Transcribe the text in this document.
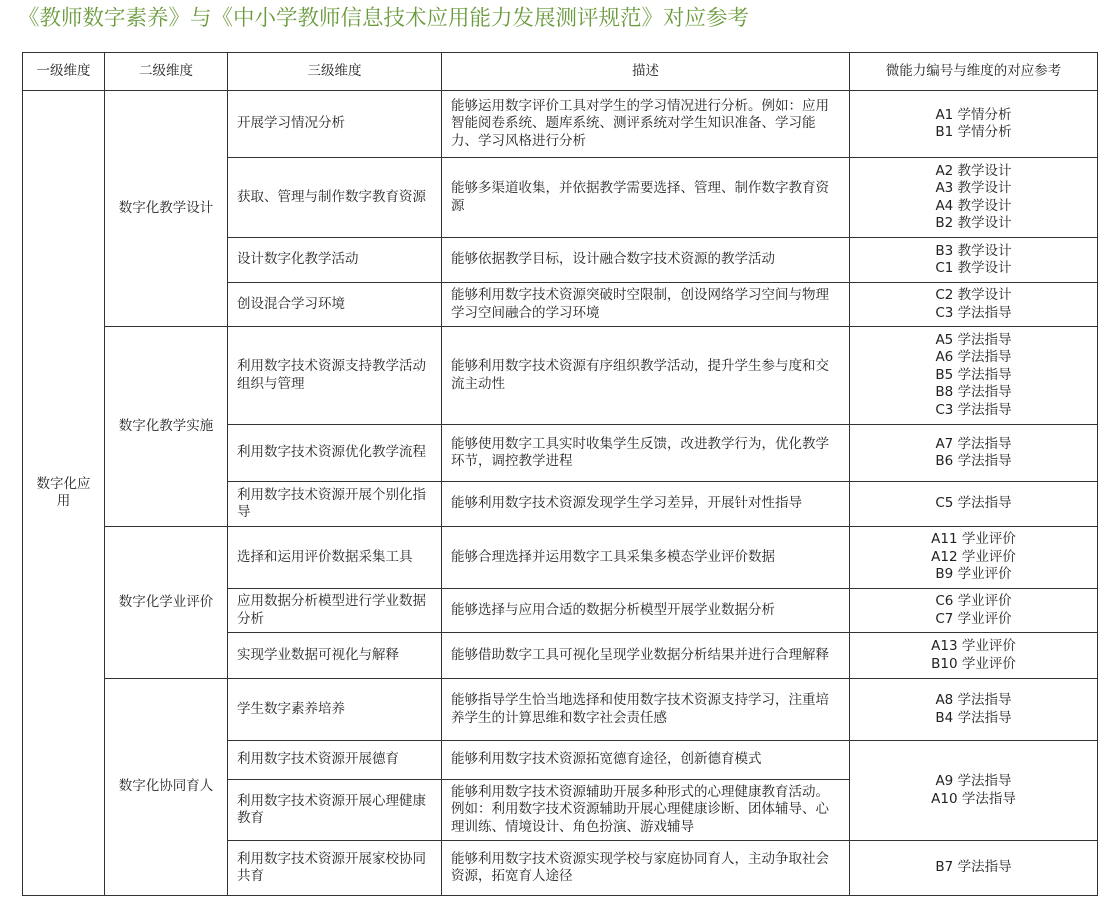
《教师数字素养》与《中小学教师信息技术应用能力发展测评规范》对应参考
一级维度	二级维度	三级维度	描述	微能力编号与维度的对应参考
数字化应用	数字化教学设计	开展学习情况分析	能够运用数字评价工具对学生的学习情况进行分析。例如：应用智能阅卷系统、题库系统、测评系统对学生知识准备、学习能力、学习风格进行分析	A1 学情分析
B1 学情分析

		获取、管理与制作数字教育资源	能够多渠道收集，并依据教学需要选择、管理、制作数字教育资源	A2 教学设计
A3 教学设计
A4 教学设计
B2 教学设计

		设计数字化教学活动	能够依据教学目标，设计融合数字技术资源的教学活动	B3 教学设计
C1 教学设计

		创设混合学习环境	能够利用数字技术资源突破时空限制，创设网络学习空间与物理学习空间融合的学习环境	C2 教学设计
C3 学法指导

	数字化教学实施	利用数字技术资源支持教学活动组织与管理	能够利用数字技术资源有序组织教学活动，提升学生参与度和交流主动性	A5 学法指导
A6 学法指导
B5 学法指导
B8 学法指导
C3 学法指导

		利用数字技术资源优化教学流程	能够使用数字工具实时收集学生反馈，改进教学行为，优化教学环节，调控教学进程	A7 学法指导
B6 学法指导

		利用数字技术资源开展个别化指导	能够利用数字技术资源发现学生学习差异，开展针对性指导	C5 学法指导

	数字化学业评价	选择和运用评价数据采集工具	能够合理选择并运用数字工具采集多模态学业评价数据	A11 学业评价
A12 学业评价
B9 学业评价

		应用数据分析模型进行学业数据分析	能够选择与应用合适的数据分析模型开展学业数据分析	C6 学业评价
C7 学业评价

		实现学业数据可视化与解释	能够借助数字工具可视化呈现学业数据分析结果并进行合理解释	A13 学业评价
B10 学业评价

	数字化协同育人	学生数字素养培养	能够指导学生恰当地选择和使用数字技术资源支持学习，注重培养学生的计算思维和数字社会责任感	A8 学法指导
B4 学法指导

		利用数字技术资源开展德育	能够利用数字技术资源拓宽德育途径，创新德育模式	A9 学法指导
A10 学法指导

		利用数字技术资源开展心理健康教育	能够利用数字技术资源辅助开展多种形式的心理健康教育活动。例如：利用数字技术资源辅助开展心理健康诊断、团体辅导、心理训练、情境设计、角色扮演、游戏辅导	
		利用数字技术资源开展家校协同共育	能够利用数字技术资源实现学校与家庭协同育人，主动争取社会资源，拓宽育人途径	B7 学法指导
